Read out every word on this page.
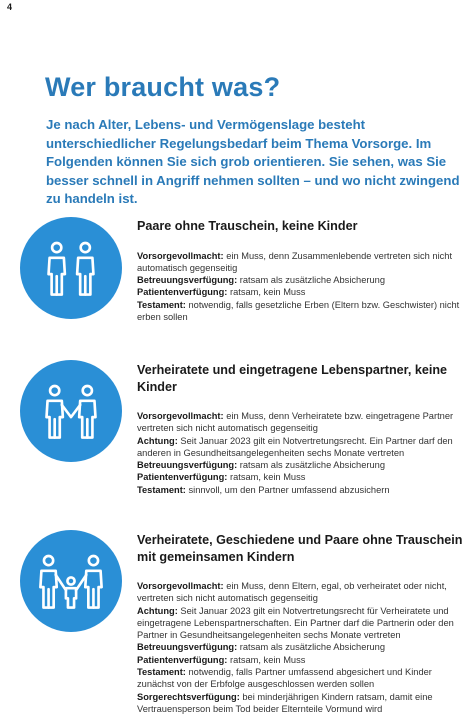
4
Wer braucht was?

Je nach Alter, Lebens- und Vermögenslage besteht unterschiedlicher Regelungsbedarf beim Thema Vorsorge. Im Folgenden können Sie sich grob orientieren. Sie sehen, was Sie besser schnell in Angriff nehmen sollten – und wo nicht zwingend zu handeln ist.

Paare ohne Trauschein, keine Kinder
Vorsorgevollmacht: ein Muss, denn Zusammenlebende vertreten sich nicht automatisch gegenseitig
Betreuungsverfügung: ratsam als zusätzliche Absicherung
Patientenverfügung: ratsam, kein Muss
Testament: notwendig, falls gesetzliche Erben (Eltern bzw. Geschwister) nicht erben sollen
Verheiratete und eingetragene Lebenspartner, keine Kinder
Vorsorgevollmacht: ein Muss, denn Verheiratete bzw. eingetragene Partner vertreten sich nicht automatisch gegenseitig
Achtung: Seit Januar 2023 gilt ein Notvertretungsrecht. Ein Partner darf den anderen in Gesundheitsangelegenheiten sechs Monate vertreten
Betreuungsverfügung: ratsam als zusätzliche Absicherung
Patientenverfügung: ratsam, kein Muss
Testament: sinnvoll, um den Partner umfassend abzusichern
Verheiratete, Geschiedene und Paare ohne Trauschein mit gemeinsamen Kindern
Vorsorgevollmacht: ein Muss, denn Eltern, egal, ob verheiratet oder nicht, vertreten sich nicht automatisch gegenseitig
Achtung: Seit Januar 2023 gilt ein Notvertretungsrecht für Verheiratete und eingetragene Lebenspartnerschaften. Ein Partner darf die Partnerin oder den Partner in Gesundheitsangelegenheiten sechs Monate vertreten
Betreuungsverfügung: ratsam als zusätzliche Absicherung
Patientenverfügung: ratsam, kein Muss
Testament: notwendig, falls Partner umfassend abgesichert und Kinder zunächst von der Erbfolge ausgeschlossen werden sollen
Sorgerechtsverfügung: bei minderjährigen Kindern ratsam, damit eine Vertrauensperson beim Tod beider Elternteile Vormund wird
